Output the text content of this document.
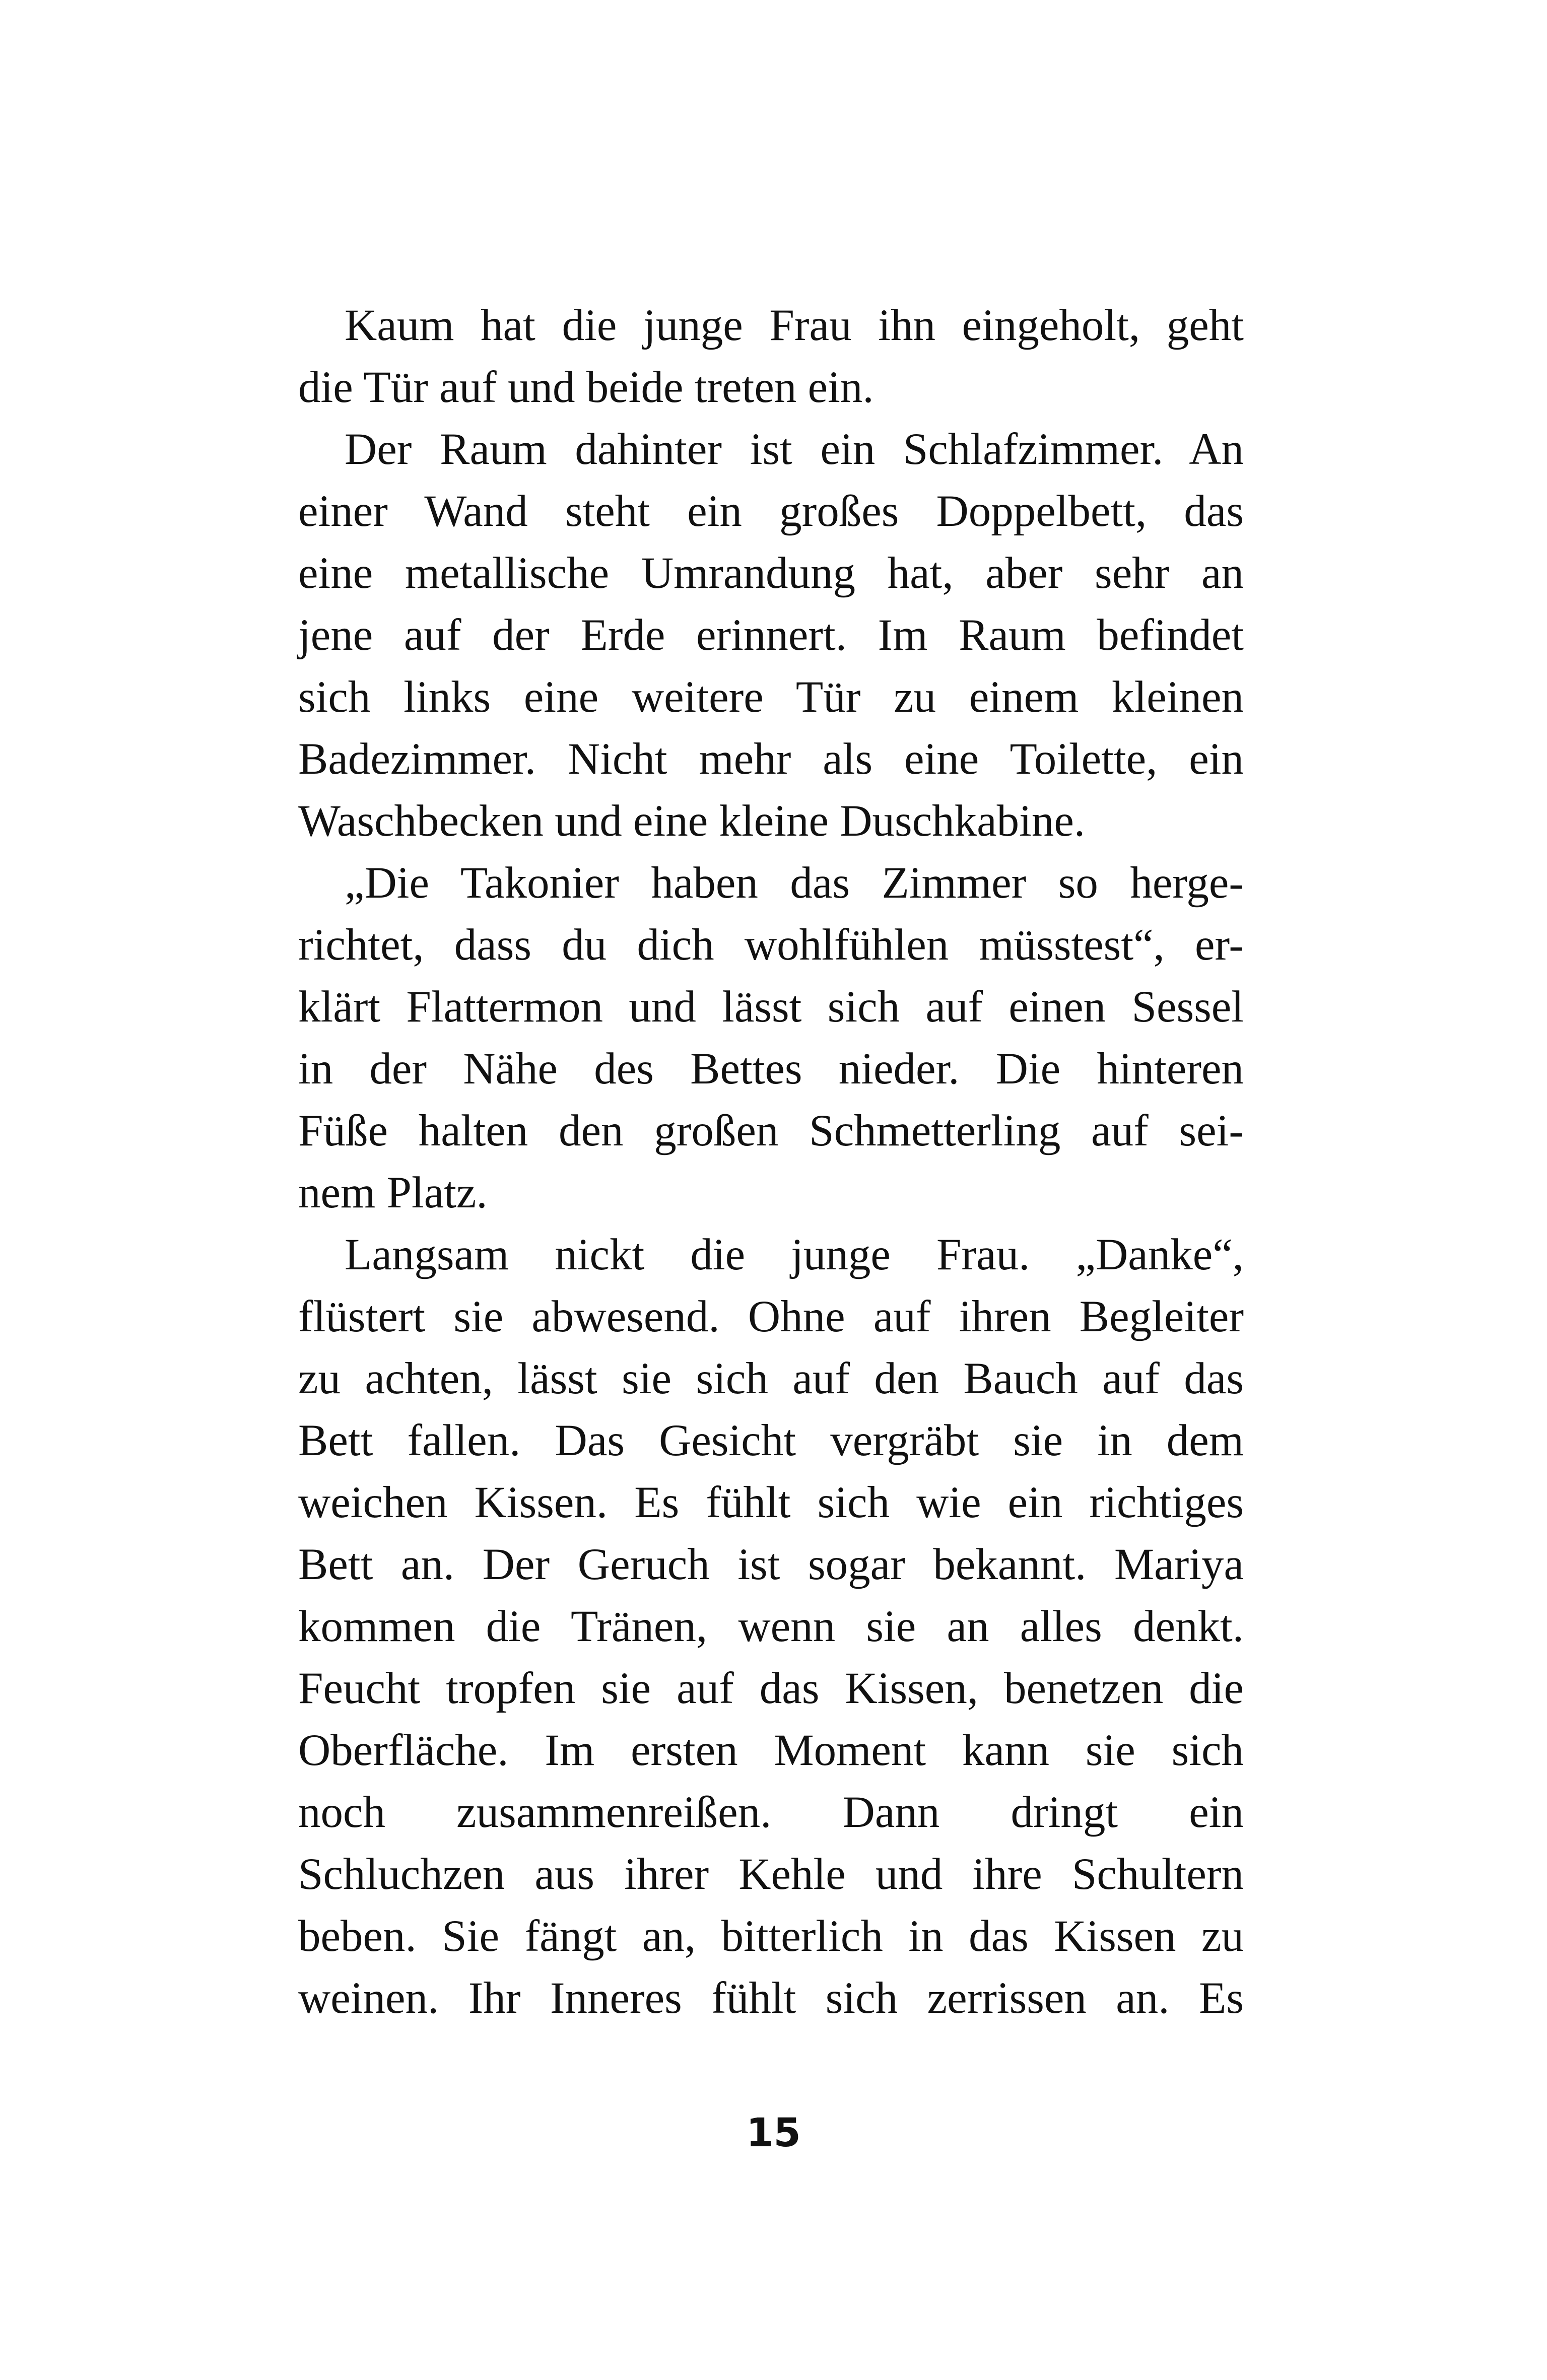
Kaum hat die junge Frau ihn eingeholt, geht
die Tür auf und beide treten ein.
Der Raum dahinter ist ein Schlafzimmer. An
einer Wand steht ein großes Doppelbett, das
eine metallische Umrandung hat, aber sehr an
jene auf der Erde erinnert. Im Raum befindet
sich links eine weitere Tür zu einem kleinen
Badezimmer. Nicht mehr als eine Toilette, ein
Waschbecken und eine kleine Duschkabine.
„Die Takonier haben das Zimmer so herge-
richtet, dass du dich wohlfühlen müsstest“, er-
klärt Flattermon und lässt sich auf einen Sessel
in der Nähe des Bettes nieder. Die hinteren
Füße halten den großen Schmetterling auf sei-
nem Platz.
Langsam nickt die junge Frau. „Danke“,
flüstert sie abwesend. Ohne auf ihren Begleiter
zu achten, lässt sie sich auf den Bauch auf das
Bett fallen. Das Gesicht vergräbt sie in dem
weichen Kissen. Es fühlt sich wie ein richtiges
Bett an. Der Geruch ist sogar bekannt. Mariya
kommen die Tränen, wenn sie an alles denkt.
Feucht tropfen sie auf das Kissen, benetzen die
Oberfläche. Im ersten Moment kann sie sich
noch zusammenreißen. Dann dringt ein
Schluchzen aus ihrer Kehle und ihre Schultern
beben. Sie fängt an, bitterlich in das Kissen zu
weinen. Ihr Inneres fühlt sich zerrissen an. Es
15
